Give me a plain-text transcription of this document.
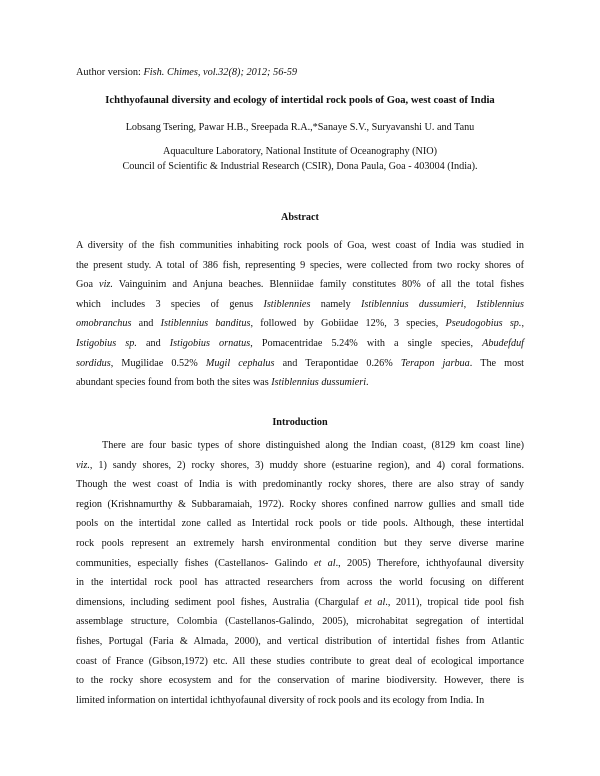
Author version: Fish. Chimes, vol.32(8); 2012; 56-59
Ichthyofaunal diversity and ecology of intertidal rock pools of Goa, west coast of India
Lobsang Tsering, Pawar H.B., Sreepada R.A.,*Sanaye S.V., Suryavanshi U. and Tanu
Aquaculture Laboratory, National Institute of Oceanography (NIO)
Council of Scientific & Industrial Research (CSIR), Dona Paula, Goa - 403004 (India).
Abstract
A diversity of the fish communities inhabiting rock pools of Goa, west coast of India was studied in
the present study. A total of 386 fish, representing 9 species, were collected from two rocky shores of
Goa viz. Vainguinim and Anjuna beaches. Blenniidae family constitutes 80% of all the total fishes
which includes 3 species of genus Istiblennies namely Istiblennius dussumieri, Istiblennius
omobranchus and Istiblennius banditus, followed by Gobiidae 12%, 3 species, Pseudogobius sp.,
Istigobius sp. and Istigobius ornatus, Pomacentridae 5.24% with a single species, Abudefduf
sordidus, Mugilidae 0.52% Mugil cephalus and Terapontidae 0.26% Terapon jarbua. The most
abundant species found from both the sites was Istiblennius dussumieri.
Introduction
There are four basic types of shore distinguished along the Indian coast, (8129 km coast line)
viz., 1) sandy shores, 2) rocky shores, 3) muddy shore (estuarine region), and 4) coral formations.
Though the west coast of India is with predominantly rocky shores, there are also stray of sandy
region (Krishnamurthy & Subbaramaiah, 1972). Rocky shores confined narrow gullies and small tide
pools on the intertidal zone called as Intertidal rock pools or tide pools. Although, these intertidal
rock pools represent an extremely harsh environmental condition but they serve diverse marine
communities, especially fishes (Castellanos- Galindo et al., 2005) Therefore, ichthyofaunal diversity
in the intertidal rock pool has attracted researchers from across the world focusing on different
dimensions, including sediment pool fishes, Australia (Chargulaf et al., 2011), tropical tide pool fish
assemblage structure, Colombia (Castellanos-Galindo, 2005), microhabitat segregation of intertidal
fishes, Portugal (Faria & Almada, 2000), and vertical distribution of intertidal fishes from Atlantic
coast of France (Gibson,1972) etc. All these studies contribute to great deal of ecological importance
to the rocky shore ecosystem and for the conservation of marine biodiversity. However, there is
limited information on intertidal ichthyofaunal diversity of rock pools and its ecology from India. In
